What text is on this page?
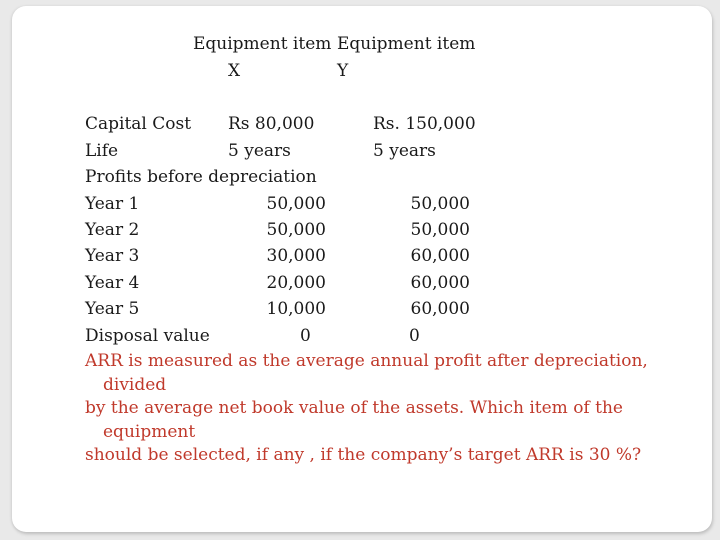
Equipment item Equipment item
X	Y
Capital Cost
Life
Profits before depreciation
Year 1
Year 2
Year 3
Year 4
Year 5
Disposal value
Rs 80,000
5 years
50,000
50,000
30,000
20,000
10,000
0
Rs. 150,000
5 years
50,000
50,000
60,000
60,000
60,000
0
ARR is measured as the average annual profit after depreciation,
divided
by the average net book value of the assets. Which item of the
equipment
should be selected, if any , if the company’s target ARR is 30 %?
